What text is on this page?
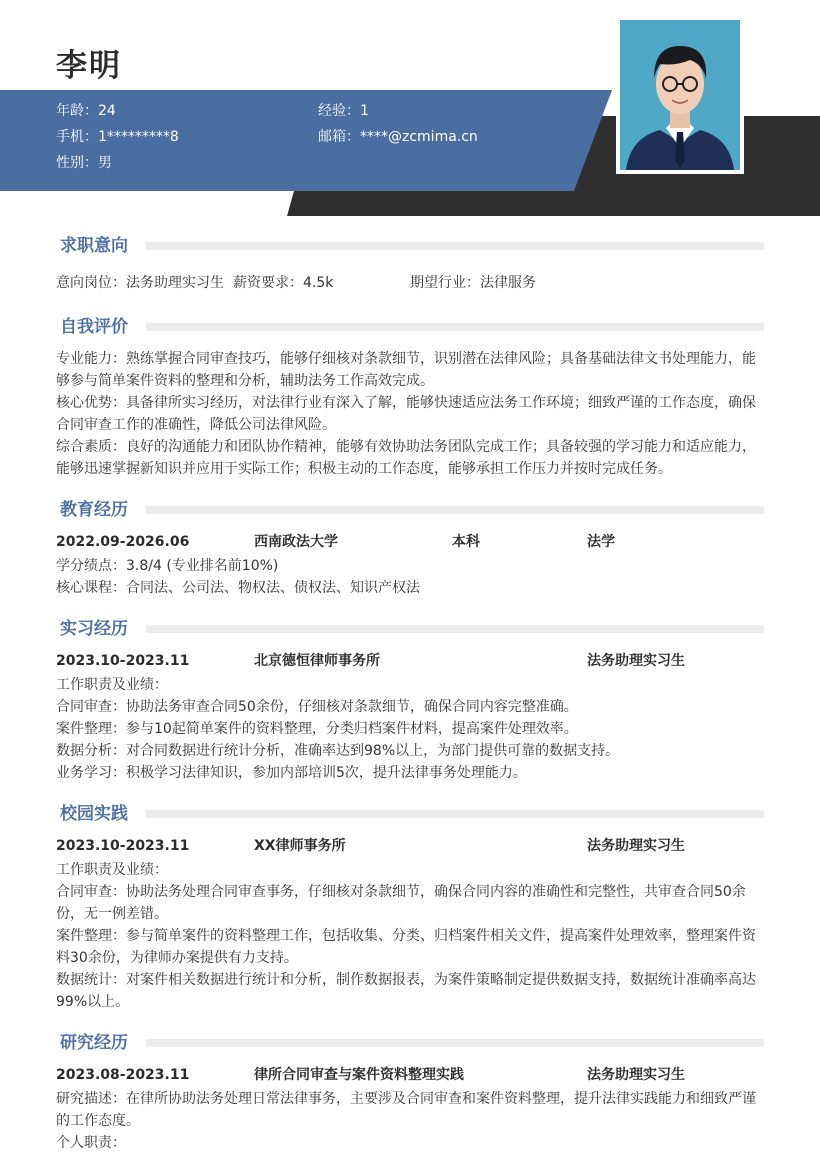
李明
年龄：24	经验：1
手机：1*********8	邮箱：****@zcmima.cn
性别：男
求职意向
意向岗位：法务助理实习生 薪资要求：4.5k	期望行业：法律服务
自我评价
专业能力：熟练掌握合同审查技巧，能够仔细核对条款细节，识别潜在法律风险；具备基础法律文书处理能力，能
够参与简单案件资料的整理和分析，辅助法务工作高效完成。
核心优势：具备律所实习经历，对法律行业有深入了解，能够快速适应法务工作环境；细致严谨的工作态度，确保
合同审查工作的准确性，降低公司法律风险。
综合素质：良好的沟通能力和团队协作精神，能够有效协助法务团队完成工作；具备较强的学习能力和适应能力，
能够迅速掌握新知识并应用于实际工作；积极主动的工作态度，能够承担工作压力并按时完成任务。
教育经历
2022.09-2026.06	西南政法大学	本科	法学
学分绩点：3.8/4 (专业排名前10%)
核心课程：合同法、公司法、物权法、债权法、知识产权法
实习经历
2023.10-2023.11	北京德恒律师事务所	法务助理实习生
工作职责及业绩：
合同审查：协助法务审查合同50余份，仔细核对条款细节，确保合同内容完整准确。
案件整理：参与10起简单案件的资料整理，分类归档案件材料，提高案件处理效率。
数据分析：对合同数据进行统计分析，准确率达到98%以上，为部门提供可靠的数据支持。
业务学习：积极学习法律知识，参加内部培训5次，提升法律事务处理能力。
校园实践
2023.10-2023.11	XX律师事务所	法务助理实习生
工作职责及业绩：
合同审查：协助法务处理合同审查事务，仔细核对条款细节，确保合同内容的准确性和完整性，共审查合同50余
份，无一例差错。
案件整理：参与简单案件的资料整理工作，包括收集、分类、归档案件相关文件，提高案件处理效率，整理案件资
料30余份，为律师办案提供有力支持。
数据统计：对案件相关数据进行统计和分析，制作数据报表，为案件策略制定提供数据支持，数据统计准确率高达
99%以上。
研究经历
2023.08-2023.11	律所合同审查与案件资料整理实践	法务助理实习生
研究描述：在律所协助法务处理日常法律事务，主要涉及合同审查和案件资料整理，提升法律实践能力和细致严谨
的工作态度。
个人职责：
